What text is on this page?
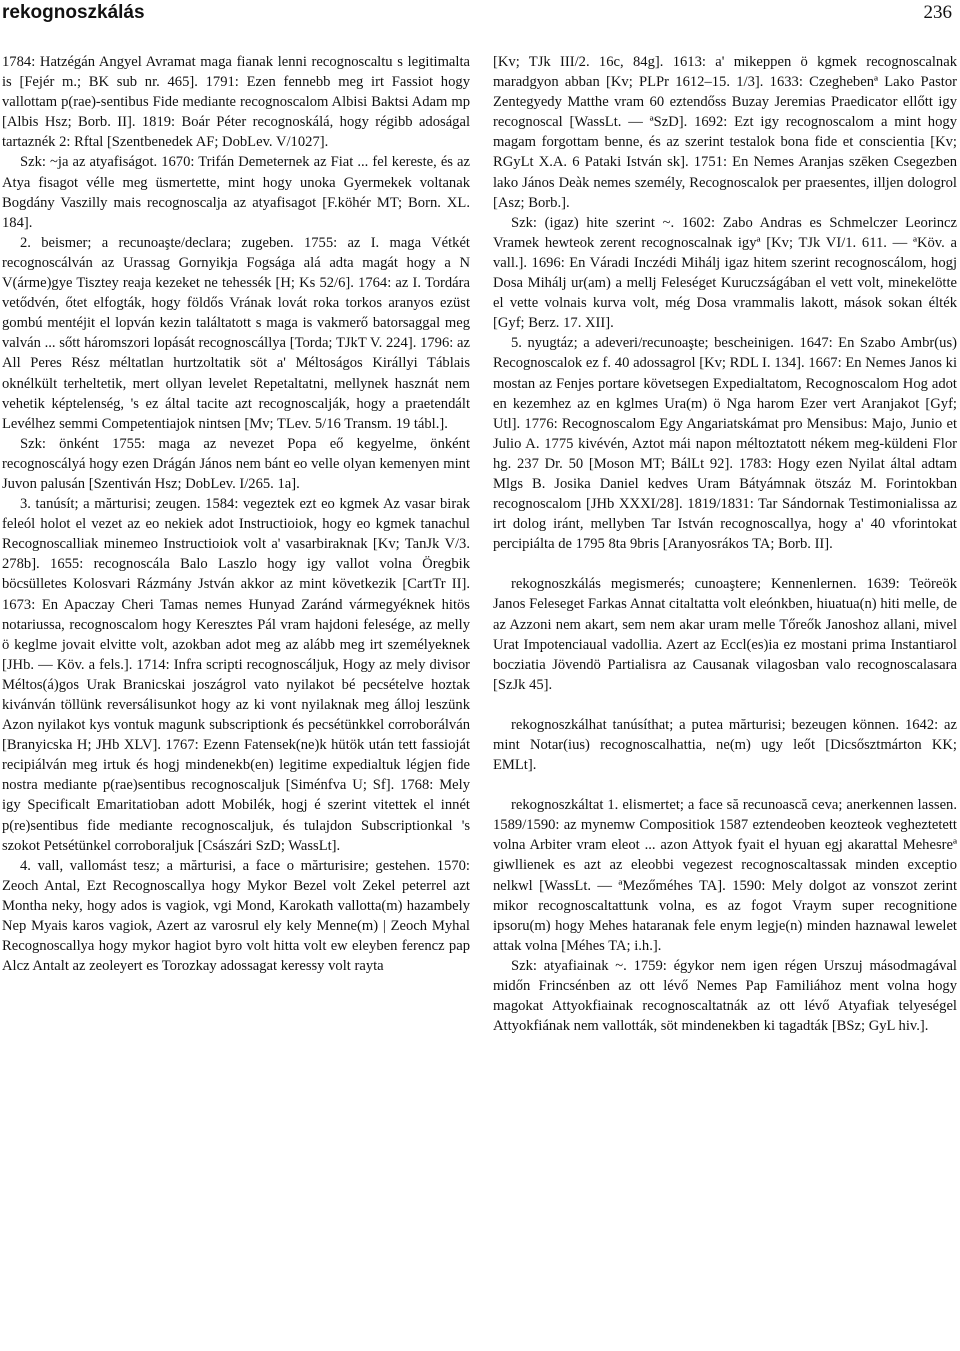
rekognoszkálás	236

1784: Hatzégán Angyel Avramat maga fianak lenni recognoscaltu s legitimalta is [Fejér m.; BK sub nr. 465]. 1791: Ezen fennebb meg irt Fassiot hogy vallottam p(rae)-sentibus Fide mediante recognoscalom Albisi Baktsi Adam mp [Albis Hsz; Borb. II]. 1819: Boár Péter recognoskálá, hogy régibb adoságal tartaznék 2: Rftal [Szentbenedek AF; DobLev. V/1027].

Szk: ~ja az atyafiságot. 1670: Trifán Demeternek az Fiat ... fel kereste, és az Atya fisagot vélle meg üsmertette, mint hogy unoka Gyermekek voltanak Bogdány Vaszilly mais recognoscalja az atyafisagot [F.köhér MT; Born. XL. 184].

2. beismer; a recunoaşte/declara; zugeben. 1755: az I. maga Vétkét recognoscálván az Urassag Gornyikja Fogsága alá adta magát hogy a N V(árme)gye Tisztey reaja kezeket ne tehessék [H; Ks 52/6]. 1764: az I. Tordára vetődvén, őtet elfogták, hogy földős Vrának lovát roka torkos aranyos ezüst gombú mentéjit el lopván kezin találtatott s maga is vakmerő batorsaggal meg valván ... sőtt háromszori lopását recognoscállya [Torda; TJkT V. 224]. 1796: az All Peres Rész méltatlan hurtzoltatik söt a' Méltoságos Királlyi Táblais oknélkült terheltetik, mert ollyan levelet Repetaltatni, mellynek hasznát nem vehetik képtelenség, 's ez által tacite azt recognoscalják, hogy a praetendált Levélhez semmi Competentiajok nintsen [Mv; TLev. 5/16 Transm. 19 tábl.].

Szk: önként 1755: maga az nevezet Popa eő kegyelme, önként recognoscályá hogy ezen Drágán János nem bánt eo velle olyan kemenyen mint Juvon palusán [Szentiván Hsz; DobLev. I/265. 1a].

3. tanúsít; a mărturisi; zeugen. 1584: vegeztek ezt eo kgmek Az vasar birak feleól holot el vezet az eo nekiek adot Instructioiok, hogy eo kgmek tanachul Recognoscalliak minemeo Instructioiok volt a' vasarbiraknak [Kv; TanJk V/3. 278b]. 1655: recognoscála Balo Laszlo hogy igy vallot volna Öregbik böcsülletes Kolosvari Rázmány Jstván akkor az mint következik [CartTr II]. 1673: En Apaczay Cheri Tamas nemes Hunyad Zaránd vármegyéknek hitös notariussa, recognoscalom hogy Keresztes Pál vram hajdoni felesége, az melly ö keglme jovait elvitte volt, azokban adot meg az alább meg irt személyeknek [JHb. — Köv. a fels.]. 1714: Infra scripti recognoscáljuk, Hogy az mely divisor Méltos(á)gos Urak Branicskai joszágrol vato nyilakot bé pecsételve hoztak kivánván töllünk reversálisunkot hogy az ki vont nyilaknak meg álloj leszünk Azon nyilakot kys vontuk magunk subscriptionk és pecsétünkkel corroborálván [Branyicska H; JHb XLV]. 1767: Ezenn Fatensek(ne)k hütök után tett fassioját recipiálván meg irtuk és hogj mindenekb(en) legitime expedialtuk légjen fide nostra mediante p(rae)sentibus recognoscaljuk [Siménfva U; Sf]. 1768: Mely igy Specificalt Emaritatioban adott Mobilék, hogj é szerint vitettek el innét p(re)sentibus fide mediante recognoscaljuk, és tulajdon Subscriptionkal 's szokot Petsétünkel corroboraljuk [Császári SzD; WassLt].

4. vall, vallomást tesz; a mărturisi, a face o mărturisire; gestehen. 1570: Zeoch Antal, Ezt Recognoscallya hogy Mykor Bezel volt Zekel peterrel azt Montha neky, hogy ados is vagiok, vgi Mond, Karokath vallotta(m) hazambely Nep Myais karos vagiok, Azert az varosrul ely kely Menne(m) | Zeoch Myhal Recognoscallya hogy mykor hagiot byro volt hitta volt ew eleyben ferencz pap Alcz Antalt az zeoleyert es Torozkay adossagat keressy volt rayta

[Kv; TJk III/2. 16c, 84g]. 1613: a' mikeppen ö kgmek recognoscalnak maradgyon abban [Kv; PLPr 1612–15. 1/3]. 1633: Czeghebenª Lako Pastor Zentegyedy Matthe vram 60 eztendőss Buzay Jeremias Praedicator ellőtt igy recognoscal [WassLt. — ªSzD]. 1692: Ezt igy recognoscalom a mint hogy magam forgottam benne, és az szerint testalok bona fide et conscientia [Kv; RGyLt X.A. 6 Pataki István sk]. 1751: En Nemes Aranjas szēken Csegezben lako János Deàk nemes személy, Recognoscalok per praesentes, illjen dologrol [Asz; Borb.].

Szk: (igaz) hite szerint ~. 1602: Zabo Andras es Schmelczer Leorincz Vramek hewteok zerent recognoscalnak igyª [Kv; TJk VI/1. 611. — ªKöv. a vall.]. 1696: En Váradi Inczédi Mihálj igaz hitem szerint recognoscálom, hogj Dosa Mihálj ur(am) a mellj Feleséget Kuruczságában el vett volt, minekelötte el vette volnais kurva volt, még Dosa vrammalis lakott, mások sokan élték [Gyf; Berz. 17. XII].

5. nyugtáz; a adeveri/recunoaşte; bescheinigen. 1647: En Szabo Ambr(us) Recognoscalok ez f. 40 adossagrol [Kv; RDL I. 134]. 1667: En Nemes Janos ki mostan az Fenjes portare követsegen Expedialtatom, Recognoscalom Hog adot en kezemhez az en kglmes Ura(m) ö Nga harom Ezer vert Aranjakot [Gyf; Utl]. 1776: Recognoscalom Egy Angariatskámat pro Mensibus: Majo, Junio et Julio A. 1775 kivévén, Aztot mái napon méltoztatott nékem meg-küldeni Flor hg. 237 Dr. 50 [Moson MT; BálLt 92]. 1783: Hogy ezen Nyilat által adtam Mlgs B. Josika Daniel kedves Uram Bátyámnak ötszáz M. Forintokban recognoscalom [JHb XXXI/28]. 1819/1831: Tar Sándornak Testimonialissa az irt dolog iránt, mellyben Tar István recognoscallya, hogy a' 40 vforintokat percipiálta de 1795 8ta 9bris [Aranyosrákos TA; Borb. II].

rekognoszkálás megismerés; cunoaştere; Kennenlernen. 1639: Teöreök Janos Feleseget Farkas Annat citaltatta volt eleónkben, hiuatua(n) hiti melle, de az Azzoni nem akart, sem nem akar uram melle Tőreők Janoshoz allani, mivel Urat Impotenciaual vadollia. Azert az Eccl(es)ia ez mostani prima Instantiarol bocziatia Jövendö Partialisra az Causanak vilagosban valo recognoscalasara [SzJk 45].

rekognoszkálhat tanúsíthat; a putea mărturisi; bezeugen können. 1642: az mint Notar(ius) recognoscalhattia, ne(m) ugy leőt [Dicsősztmárton KK; EMLt].

rekognoszkáltat 1. elismertet; a face să recunoască ceva; anerkennen lassen. 1589/1590: az mynemw Compositiok 1587 eztendeoben keozteok vegheztetett volna Arbiter vram eleot ... azon Attyok fyait el hyuan egj akarattal Mehesreª giwllienek es azt az eleobbi vegezest recognoscaltassak minden exceptio nelkwl [WassLt. — ªMezőméhes TA]. 1590: Mely dolgot az vonszot zerint mikor recognoscaltattunk volna, es az fogot Vraym super recognitione ipsoru(m) hogy Mehes hataranak fele enym legje(n) minden haznawal lewelet attak volna [Méhes TA; i.h.].

Szk: atyafiainak ~. 1759: égykor nem igen régen Urszuj másodmagával midőn Frincsénben az ott lévő Nemes Pap Familiához ment volna hogy magokat Attyokfiainak recognoscaltatnák az ott lévő Atyafiak telyeségel Attyokfiának nem vallották, söt mindenekben ki tagadták [BSz; GyL hiv.].
